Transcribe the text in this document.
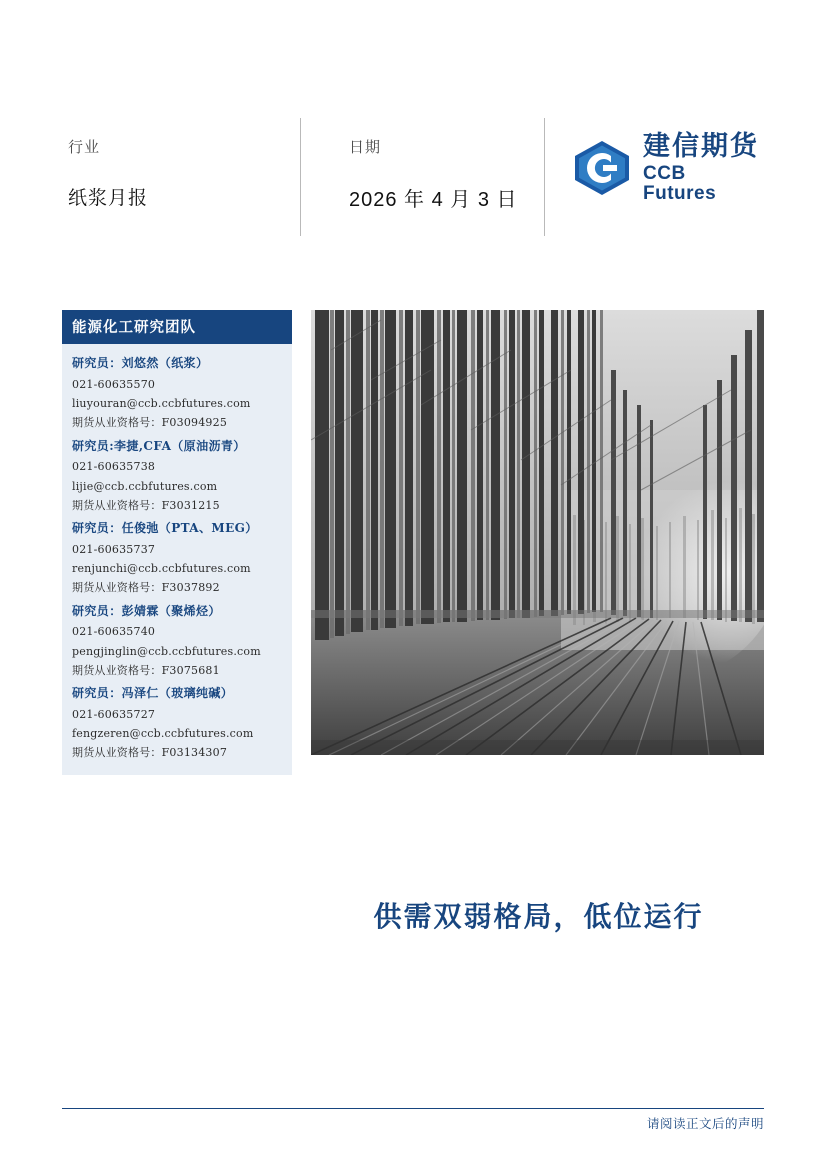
行业
纸浆月报
日期
2026 年 4 月 3 日
建信期货
CCB Futures
能源化工研究团队
研究员：刘悠然（纸浆）
021-60635570
liuyouran@ccb.ccbfutures.com
期货从业资格号：F03094925
研究员:李捷,CFA（原油沥青）
021-60635738
lijie@ccb.ccbfutures.com
期货从业资格号：F3031215
研究员：任俊弛（PTA、MEG）
021-60635737
renjunchi@ccb.ccbfutures.com
期货从业资格号：F3037892
研究员：彭婧霖（聚烯烃）
021-60635740
pengjinglin@ccb.ccbfutures.com
期货从业资格号：F3075681
研究员：冯泽仁（玻璃纯碱）
021-60635727
fengzeren@ccb.ccbfutures.com
期货从业资格号：F03134307
供需双弱格局，低位运行
请阅读正文后的声明
